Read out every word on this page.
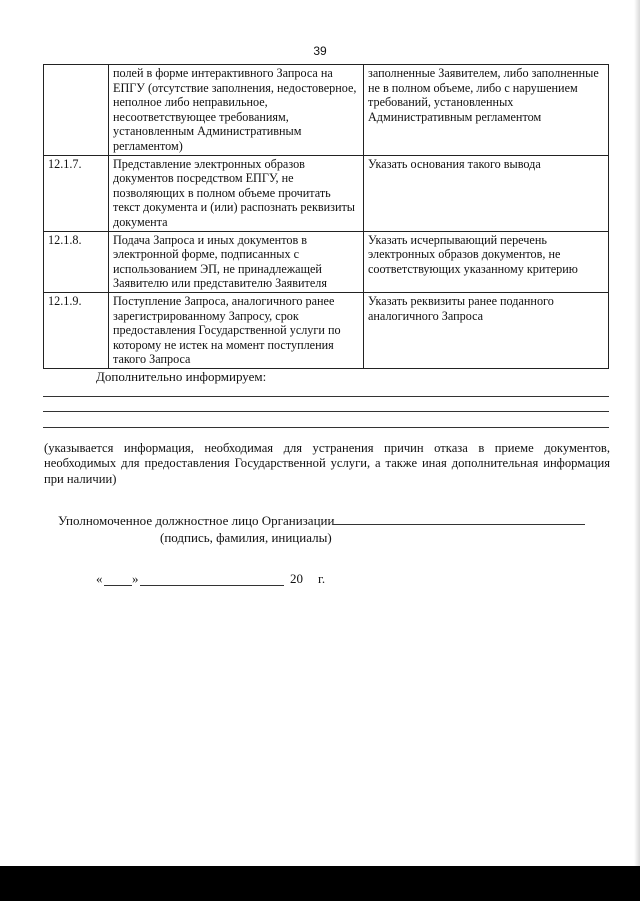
39
	полей в форме интерактивного Запроса на ЕПГУ (отсутствие заполнения, недостоверное, неполное либо неправильное, несоответствующее требованиям, установленным Административным регламентом)	заполненные Заявителем, либо заполненные не в полном объеме, либо с нарушением требований, установленных Административным регламентом
12.1.7.	Представление электронных образов документов посредством ЕПГУ, не позволяющих в полном объеме прочитать текст документа и (или) распознать реквизиты документа	Указать основания такого вывода
12.1.8.	Подача Запроса и иных документов в электронной форме, подписанных с использованием ЭП, не принадлежащей Заявителю или представителю Заявителя	Указать исчерпывающий перечень электронных образов документов, не соответствующих указанному критерию
12.1.9.	Поступление Запроса, аналогичного ранее зарегистрированному Запросу, срок предоставления Государственной услуги по которому не истек на момент поступления такого Запроса	Указать реквизиты ранее поданного аналогичного Запроса
Дополнительно информируем:
(указывается информация, необходимая для устранения причин отказа в приеме документов, необходимых для предоставления Государственной услуги, а также иная дополнительная информация при наличии)
Уполномоченное должностное лицо Организации
(подпись, фамилия, инициалы)
« »	20 г.
